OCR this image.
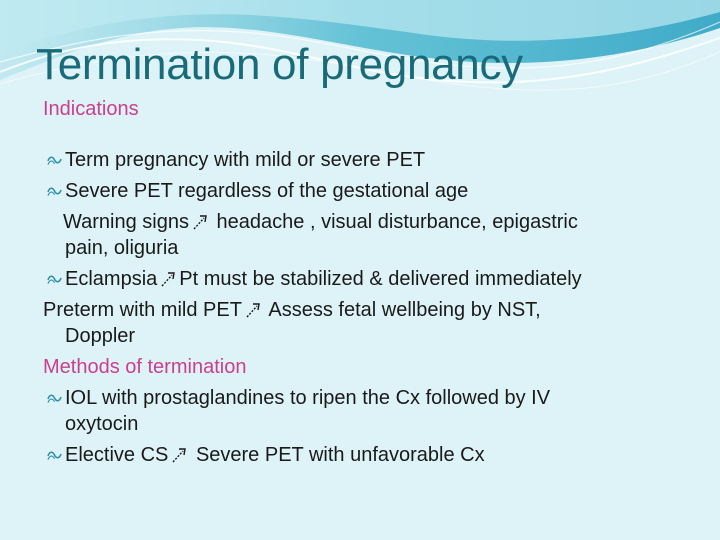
Termination of pregnancy
Indications
Term pregnancy with mild or severe PET
Severe PET regardless of the gestational age
Warning signs headache , visual disturbance, epigastric
pain, oliguria
Eclampsia Pt must be stabilized & delivered immediately
Preterm with mild PET Assess fetal wellbeing by NST,
Doppler
Methods of termination
IOL with prostaglandines to ripen the Cx followed by IV
oxytocin
Elective CS Severe PET with unfavorable Cx
